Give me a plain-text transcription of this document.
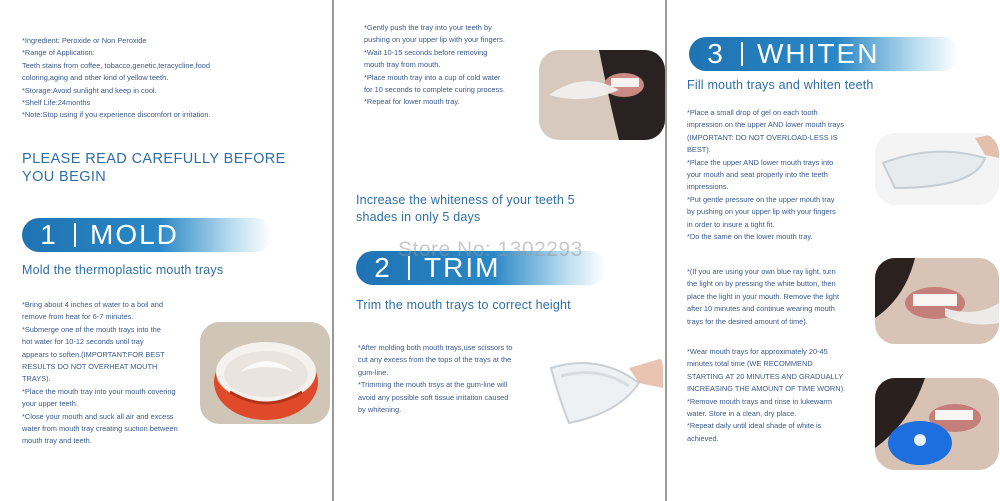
*Ingredient: Peroxide or Non Peroxide

*Range of Application:

Teeth stains from coffee, tobacco,genetic,teracycline,food

coloring,aging and other kind of yellow teeth.

*Storage:Avoid sunlight and keep in cool.

*Shelf Life:24months

*Note:Stop using if you experience discomfort or irritation.

PLEASE READ CAREFULLY BEFORE
YOU BEGIN
1	MOLD
Mold the thermoplastic mouth trays

*Bring about 4 inches of water to a boil and

remove from heat for 6-7 minutes.

*Submerge one of the mouth trays into the

hot water for 10-12 seconds until tray

appears to soften.(IMPORTANT:FOR BEST

RESULTS DO NOT OVERHEAT MOUTH

TRAYS).

*Place the mouth tray into your mouth covering

your upper teeth.

*Close your mouth and suck all air and excess

water from mouth tray creating suction between

mouth tray and teeth.

*Gently push the tray into your teeth by

pushing on your upper lip with your fingers.

*Wait 10-15 seconds before removing

mouth tray from mouth.

*Place mouth tray into a cup of cold water

for 10 seconds to complete curing process.

*Repeat for lower mouth tray.

Increase the whiteness of your teeth 5
shades in only 5 days
2	TRIM
Trim the mouth trays to correct height

*After molding both mouth trays,use scissors to

cut any excess from the tops of the trays at the

gum-line.

*Trimming the mouth trsys at the gum-line will

avoid any possible soft tissue irritation caused

by whitening.

3	WHITEN
Fill mouth trays and whiten teeth

*Place a small drop of gel on each tooth

impression on the upper AND lower mouth trays

(IMPORTANT: DO NOT OVERLOAD-LESS IS

BEST).

*Place the upper AND lower mouth trays into

your mouth and seat properly into the teeth

impressions.

*Put gentle pressure on the upper mouth tray

by pushing on your upper lip with your fingers

in order to insure a tight fit.

*Do the same on the lower mouth tray.

*(If you are using your own blue ray light, turn

the light on by pressing the white button, then

place the light in your mouth. Remove the light

after 10 minutes and continue wearing mouth

trays for the desired amount of time).

*Wear mouth trays for approximately 20-45

minutes total time (WE RECOMMEND

STARTING AT 20 MINUTES AND GRADUALLY

INCREASING THE AMOUNT OF TIME WORN).

*Remove mouth trays and rinse in lukewarm

water. Store in a clean, dry place.

*Repeat daily until ideal shade of white is

achieved.

Store No: 1302293
